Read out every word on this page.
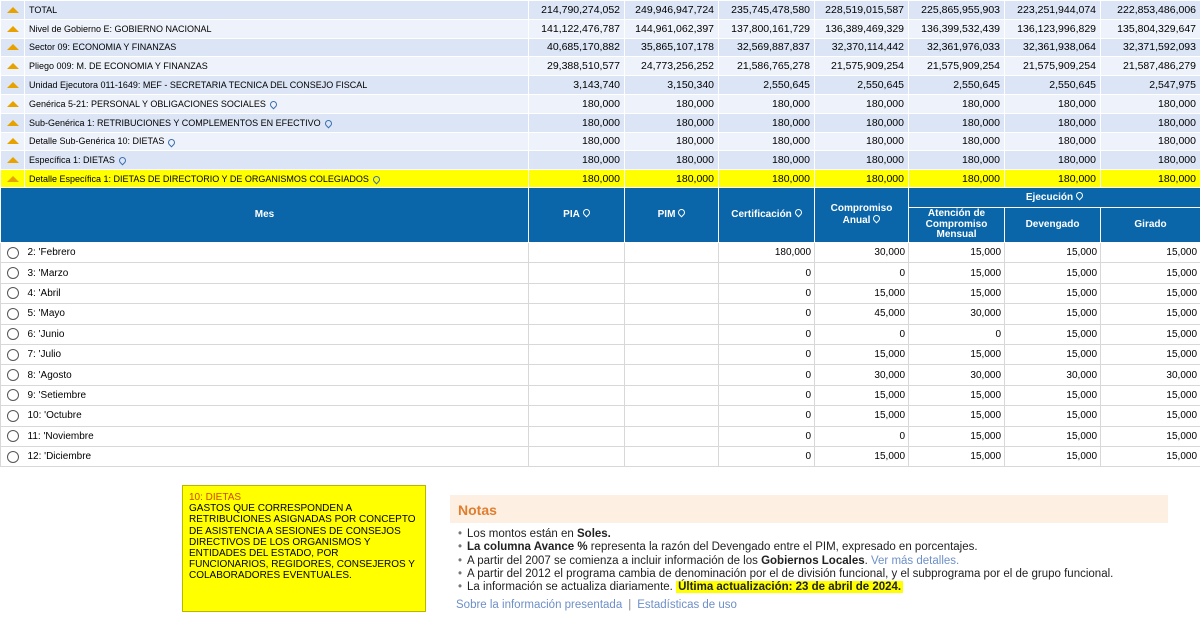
	TOTAL	214,790,274,052	249,946,947,724	235,745,478,580	228,519,015,587	225,865,955,903	223,251,944,074	222,853,486,006
	Nivel de Gobierno E: GOBIERNO NACIONAL	141,122,476,787	144,961,062,397	137,800,161,729	136,389,469,329	136,399,532,439	136,123,996,829	135,804,329,647
	Sector 09: ECONOMIA Y FINANZAS	40,685,170,882	35,865,107,178	32,569,887,837	32,370,114,442	32,361,976,033	32,361,938,064	32,371,592,093
	Pliego 009: M. DE ECONOMIA Y FINANZAS	29,388,510,577	24,773,256,252	21,586,765,278	21,575,909,254	21,575,909,254	21,575,909,254	21,587,486,279
	Unidad Ejecutora 011-1649: MEF - SECRETARIA TECNICA DEL CONSEJO FISCAL	3,143,740	3,150,340	2,550,645	2,550,645	2,550,645	2,550,645	2,547,975
	Genérica 5-21: PERSONAL Y OBLIGACIONES SOCIALES	180,000	180,000	180,000	180,000	180,000	180,000	180,000
	Sub-Genérica 1: RETRIBUCIONES Y COMPLEMENTOS EN EFECTIVO	180,000	180,000	180,000	180,000	180,000	180,000	180,000
	Detalle Sub-Genérica 10: DIETAS	180,000	180,000	180,000	180,000	180,000	180,000	180,000
	Específica 1: DIETAS	180,000	180,000	180,000	180,000	180,000	180,000	180,000
	Detalle Específica 1: DIETAS DE DIRECTORIO Y DE ORGANISMOS COLEGIADOS	180,000	180,000	180,000	180,000	180,000	180,000	180,000
Mes		PIA	PIM	Certificación	Compromiso Anual	Ejecución		
						Atención de Compromiso Mensual	Devengado	Girado
	2: 'Febrero			180,000	30,000	15,000	15,000	15,000
	3: 'Marzo			0	0	15,000	15,000	15,000
	4: 'Abril			0	15,000	15,000	15,000	15,000
	5: 'Mayo			0	45,000	30,000	15,000	15,000
	6: 'Junio			0	0	0	15,000	15,000
	7: 'Julio			0	15,000	15,000	15,000	15,000
	8: 'Agosto			0	30,000	30,000	30,000	30,000
	9: 'Setiembre			0	15,000	15,000	15,000	15,000
	10: 'Octubre			0	15,000	15,000	15,000	15,000
	11: 'Noviembre			0	0	15,000	15,000	15,000
	12: 'Diciembre			0	15,000	15,000	15,000	15,000
10: DIETAS
GASTOS QUE CORRESPONDEN A RETRIBUCIONES ASIGNADAS POR CONCEPTO DE ASISTENCIA A SESIONES DE CONSEJOS DIRECTIVOS DE LOS ORGANISMOS Y ENTIDADES DEL ESTADO, POR FUNCIONARIOS, REGIDORES, CONSEJEROS Y COLABORADORES EVENTUALES.
Notas
• Los montos están en Soles.
• La columna Avance % representa la razón del Devengado entre el PIM, expresado en porcentajes.
• A partir del 2007 se comienza a incluir información de los Gobiernos Locales. Ver más detalles.
• A partir del 2012 el programa cambia de denominación por el de división funcional, y el subprograma por el de grupo funcional.
• La información se actualiza diariamente. Última actualización: 23 de abril de 2024.
Sobre la información presentada | Estadísticas de uso
